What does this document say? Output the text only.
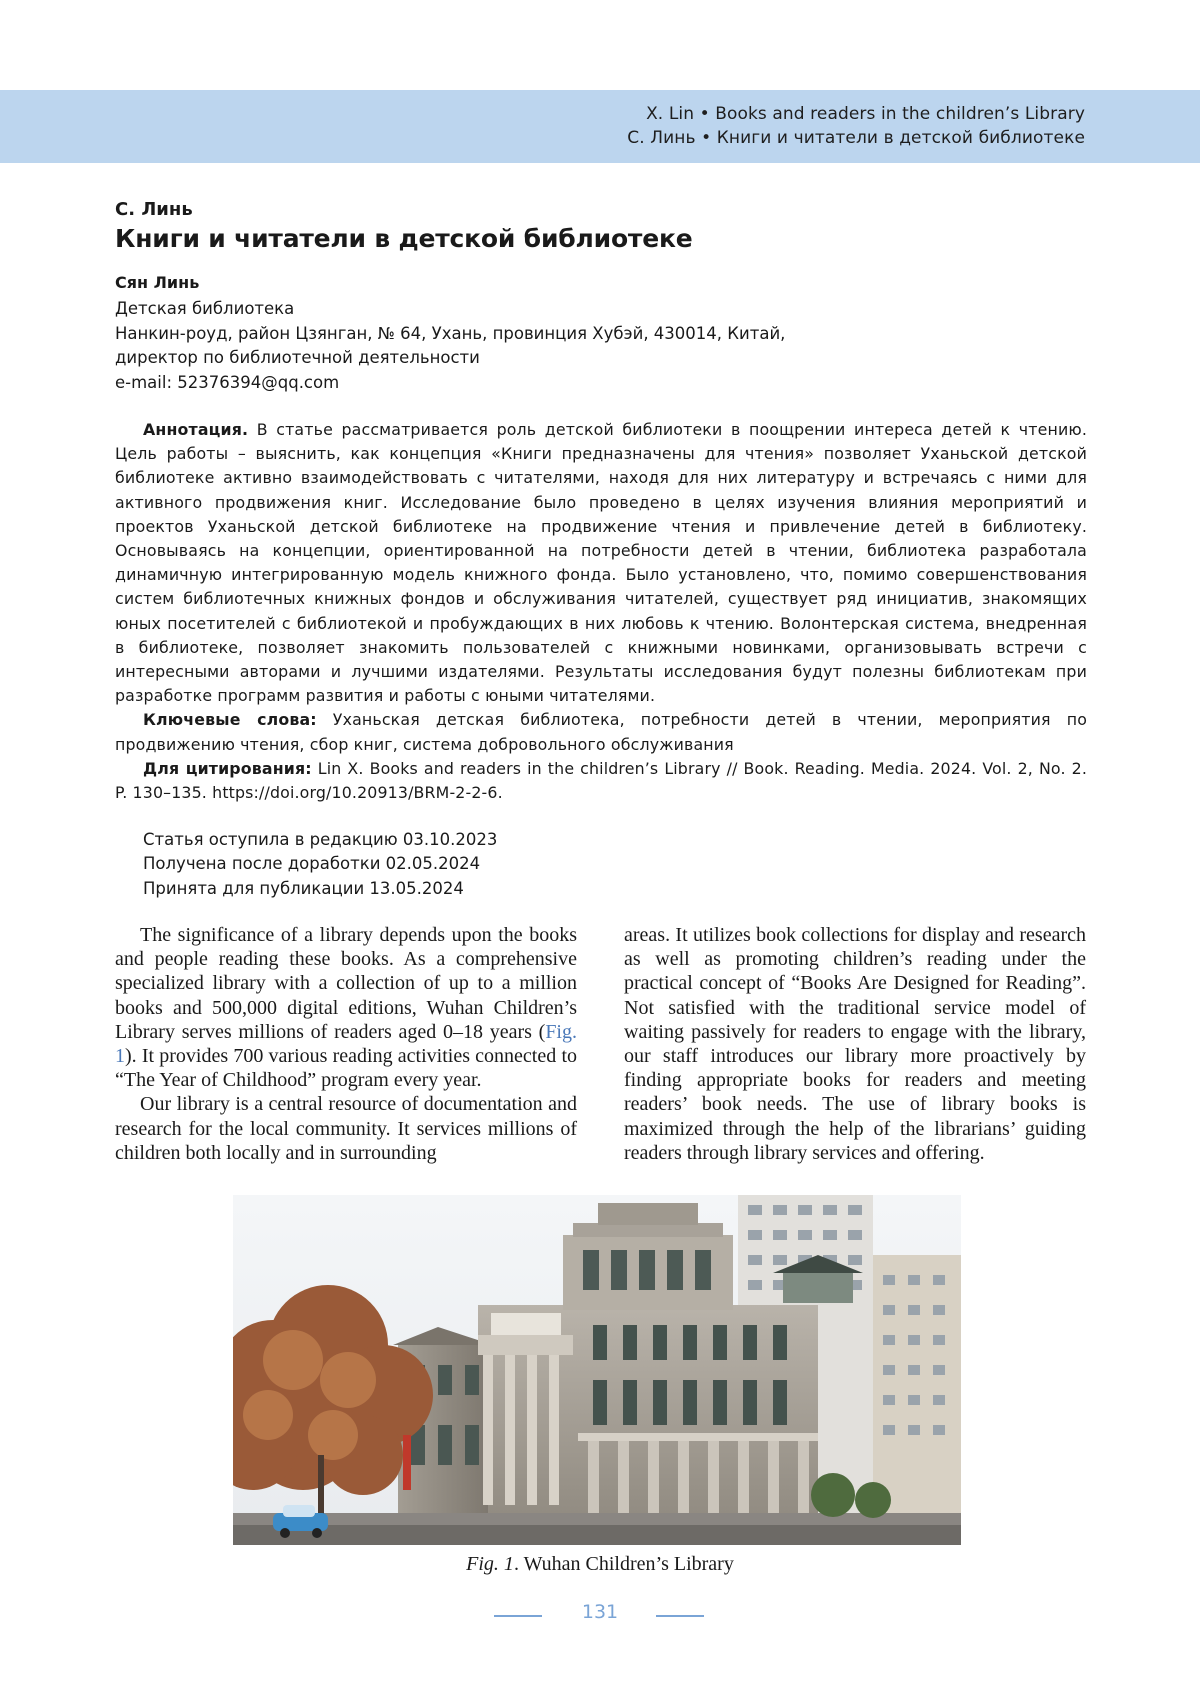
X. Lin • Books and readers in the children’s Library
С. Линь • Книги и читатели в детской библиотеке
С. Линь
Книги и читатели в детской библиотеке
Сян Линь
Детская библиотека
Нанкин-роуд, район Цзянган, № 64, Ухань, провинция Хубэй, 430014, Китай,
директор по библиотечной деятельности
e-mail: 52376394@qq.com

Аннотация. В статье рассматривается роль детской библиотеки в поощрении интереса детей к чтению. Цель работы – выяснить, как концепция «Книги предназначены для чтения» позволяет Уханьской детской библиотеке активно взаимодействовать с читателями, находя для них литературу и встречаясь с ними для активного продвижения книг. Исследование было проведено в целях изучения влияния мероприятий и проектов Уханьской детской библиотеке на продвижение чтения и привлечение детей в библиотеку. Основываясь на концепции, ориентированной на потребности детей в чтении, библиотека разработала динамичную интегрированную модель книжного фонда. Было установлено, что, помимо совершенствования систем библиотечных книжных фондов и обслуживания читателей, существует ряд инициатив, знакомящих юных посетителей с библиотекой и пробуждающих в них любовь к чтению. Волонтерская система, внедренная в библиотеке, позволяет знакомить пользователей с книжными новинками, организовывать встречи с интересными авторами и лучшими издателями. Результаты исследования будут полезны библиотекам при разработке программ развития и работы с юными читателями.

Ключевые слова: Уханьская детская библиотека, потребности детей в чтении, мероприятия по продвижению чтения, сбор книг, система добровольного обслуживания

Для цитирования: Lin X. Books and readers in the children’s Library // Book. Reading. Media. 2024. Vol. 2, No. 2. P. 130–135. https://doi.org/10.20913/BRM-2-2-6.

Статья оступила в редакцию 03.10.2023
Получена после доработки 02.05.2024
Принята для публикации 13.05.2024

The significance of a library depends upon the books and people reading these books. As a comprehensive specialized library with a collection of up to a million books and 500,000 digital editions, Wuhan Children’s Library serves millions of readers aged 0–18 years (Fig. 1). It provides 700 various reading activities connected to “The Year of Childhood” program every year.

Our library is a central resource of documentation and research for the local community. It services millions of children both locally and in surrounding

areas. It utilizes book collections for display and research as well as promoting children’s reading under the practical concept of “Books Are Designed for Reading”. Not satisfied with the traditional service model of waiting passively for readers to engage with the library, our staff introduces our library more proactively by finding appropriate books for readers and meeting readers’ book needs. The use of library books is maximized through the help of the librarians’ guiding readers through library services and offering.

Fig. 1. Wuhan Children’s Library
131
